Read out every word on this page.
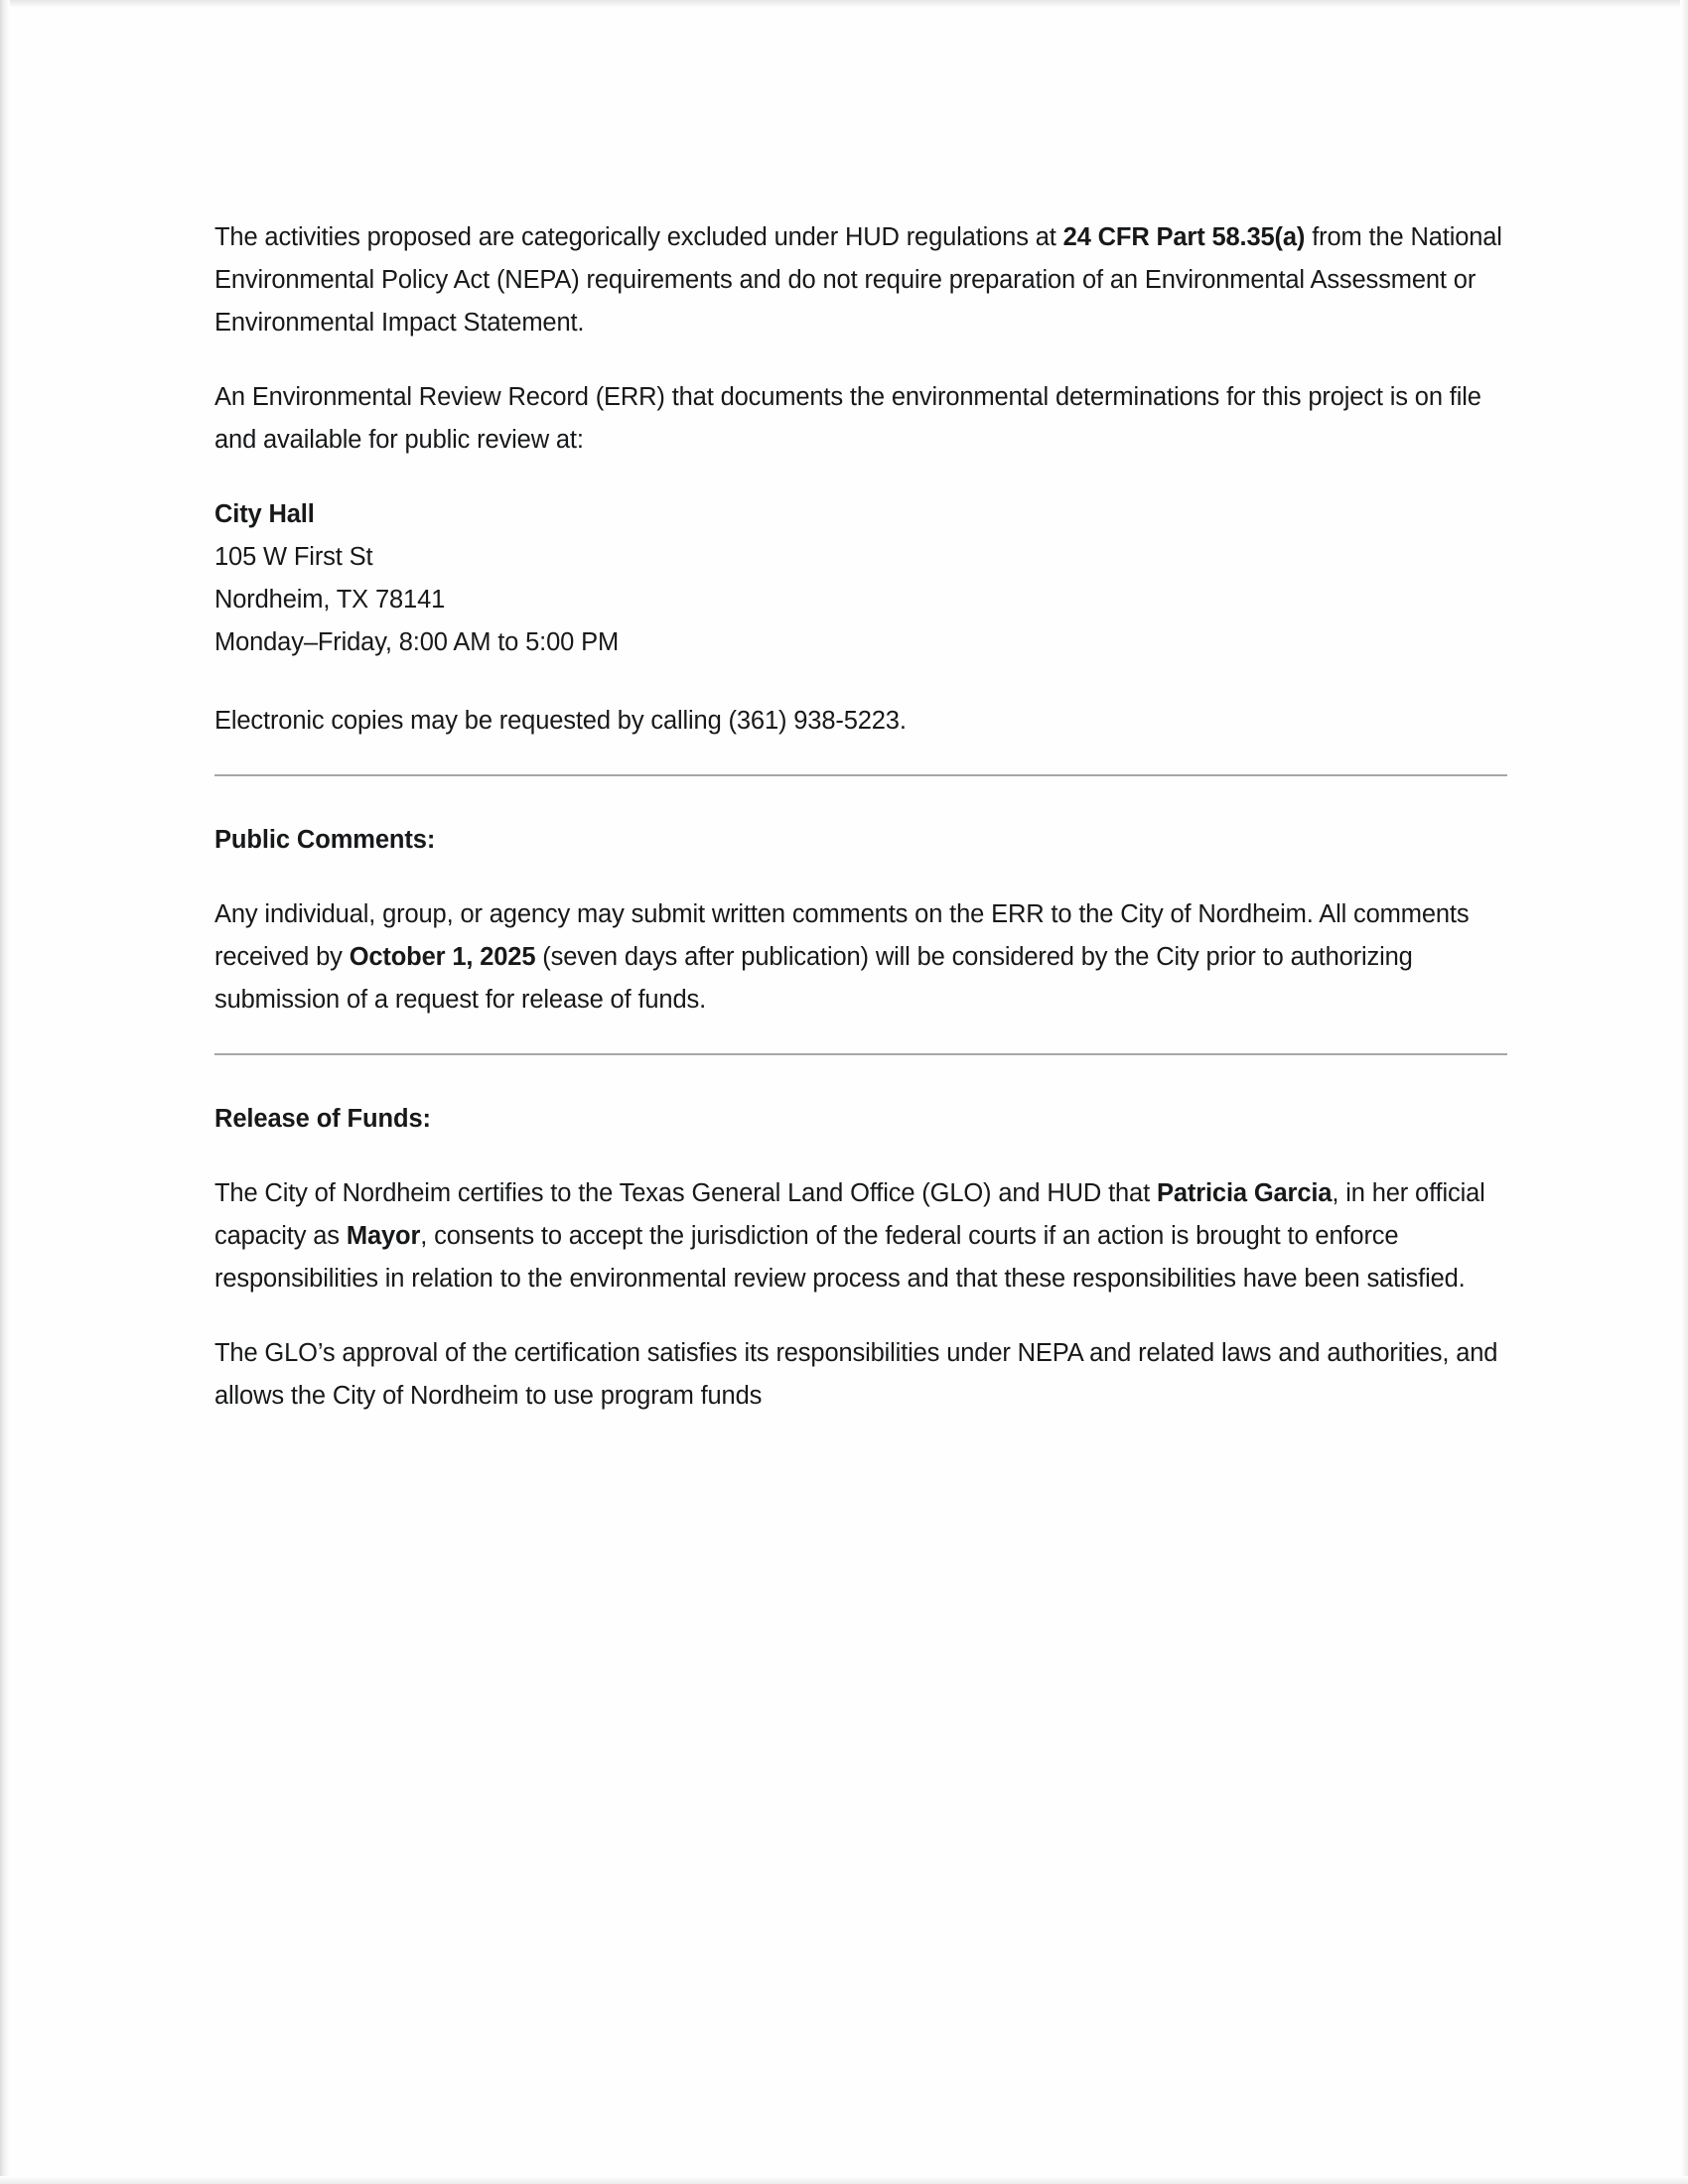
The activities proposed are categorically excluded under HUD regulations at 24 CFR Part 58.35(a) from the National Environmental Policy Act (NEPA) requirements and do not require preparation of an Environmental Assessment or Environmental Impact Statement.

An Environmental Review Record (ERR) that documents the environmental determinations for this project is on file and available for public review at:

City Hall
105 W First St
Nordheim, TX 78141
Monday–Friday, 8:00 AM to 5:00 PM

Electronic copies may be requested by calling (361) 938-5223.

Public Comments:

Any individual, group, or agency may submit written comments on the ERR to the City of Nordheim. All comments received by October 1, 2025 (seven days after publication) will be considered by the City prior to authorizing submission of a request for release of funds.

Release of Funds:

The City of Nordheim certifies to the Texas General Land Office (GLO) and HUD that Patricia Garcia, in her official capacity as Mayor, consents to accept the jurisdiction of the federal courts if an action is brought to enforce responsibilities in relation to the environmental review process and that these responsibilities have been satisfied.

The GLO’s approval of the certification satisfies its responsibilities under NEPA and related laws and authorities, and allows the City of Nordheim to use program funds
